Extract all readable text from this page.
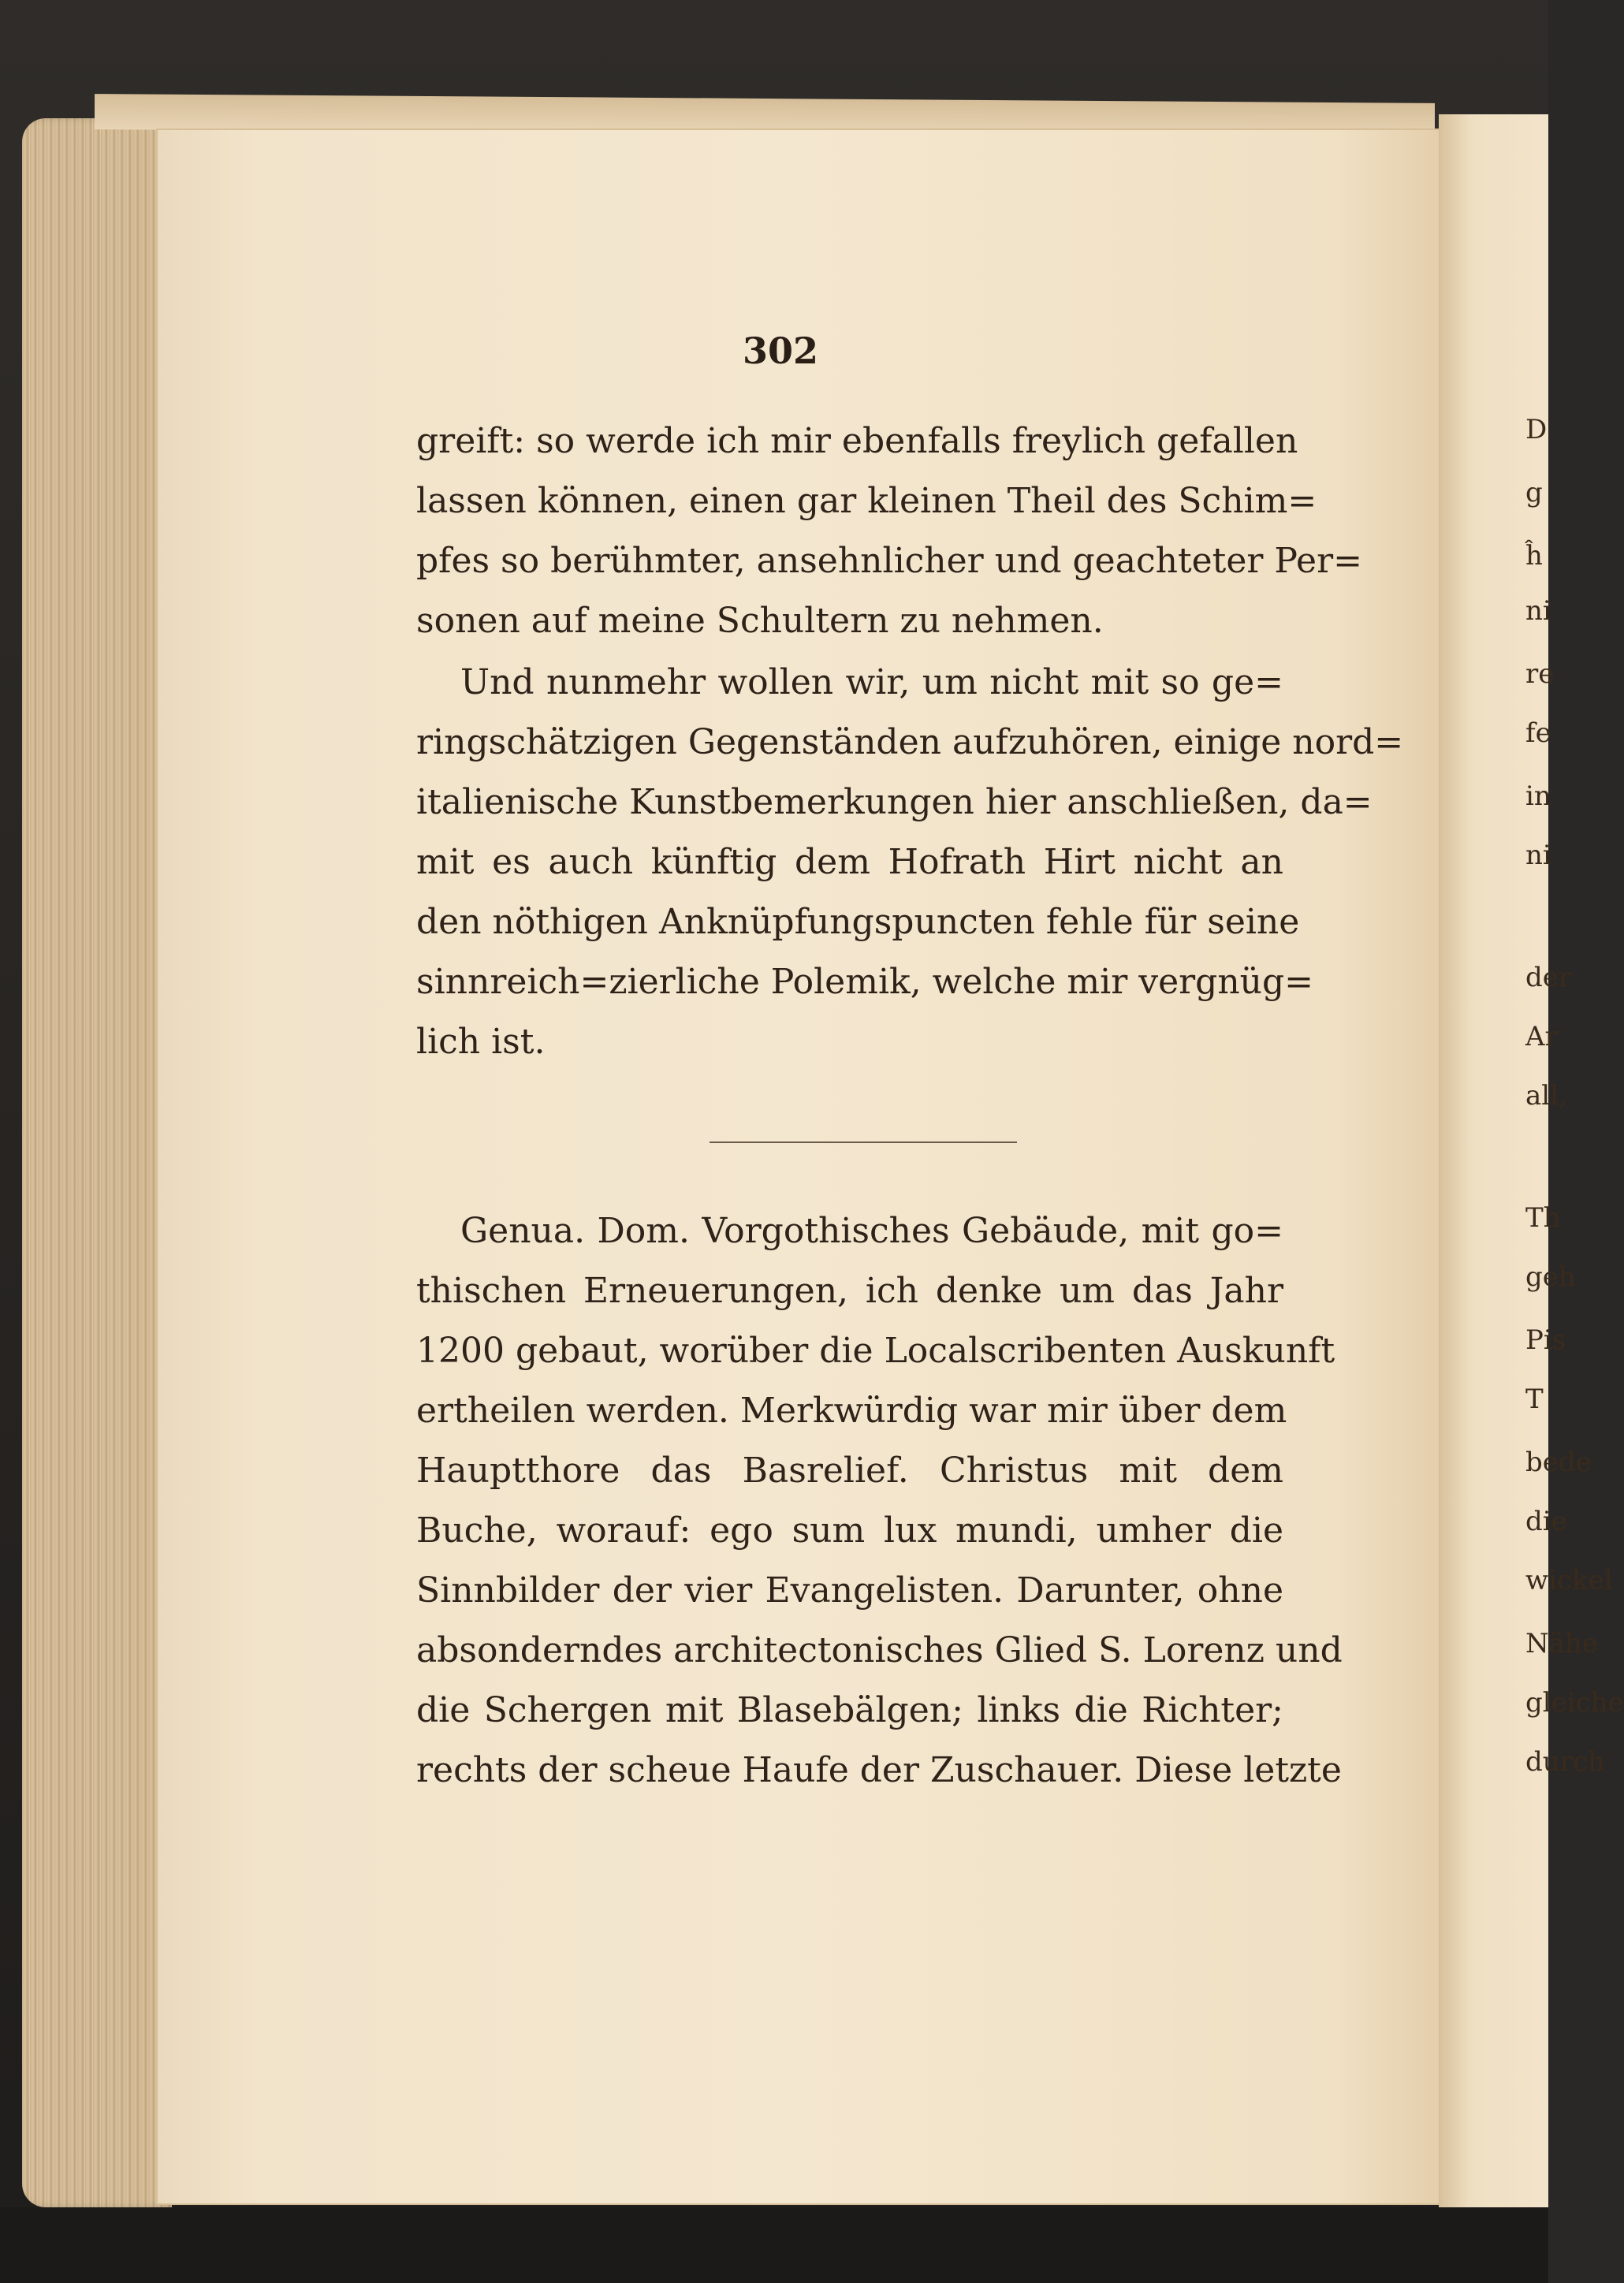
302
greift: so werde ich mir ebenfalls freylich gefallen
lassen können, einen gar kleinen Theil des Schim=
pfes so berühmter, ansehnlicher und geachteter Per=
sonen auf meine Schultern zu nehmen.
Und nunmehr wollen wir, um nicht mit so ge=
ringschätzigen Gegenständen aufzuhören, einige nord=
italienische Kunstbemerkungen hier anschließen, da=
mit es auch künftig dem Hofrath Hirt nicht an
den nöthigen Anknüpfungspuncten fehle für seine
sinnreich=zierliche Polemik, welche mir vergnüg=
lich ist.
Genua. Dom. Vorgothisches Gebäude, mit go=
thischen Erneuerungen, ich denke um das Jahr
1200 gebaut, worüber die Localscribenten Auskunft
ertheilen werden. Merkwürdig war mir über dem
Hauptthore das Basrelief. Christus mit dem
Buche, worauf: ego sum lux mundi, umher die
Sinnbilder der vier Evangelisten. Darunter, ohne
absonderndes architectonisches Glied S. Lorenz und
die Schergen mit Blasebälgen; links die Richter;
rechts der scheue Haufe der Zuschauer. Diese letzte
D
g
ĥ
ni
re
fe
in
ni
der
Ar
all,
Th
geh
Pis
T
bede
die
wickel
Nähe
gleiche
durch
